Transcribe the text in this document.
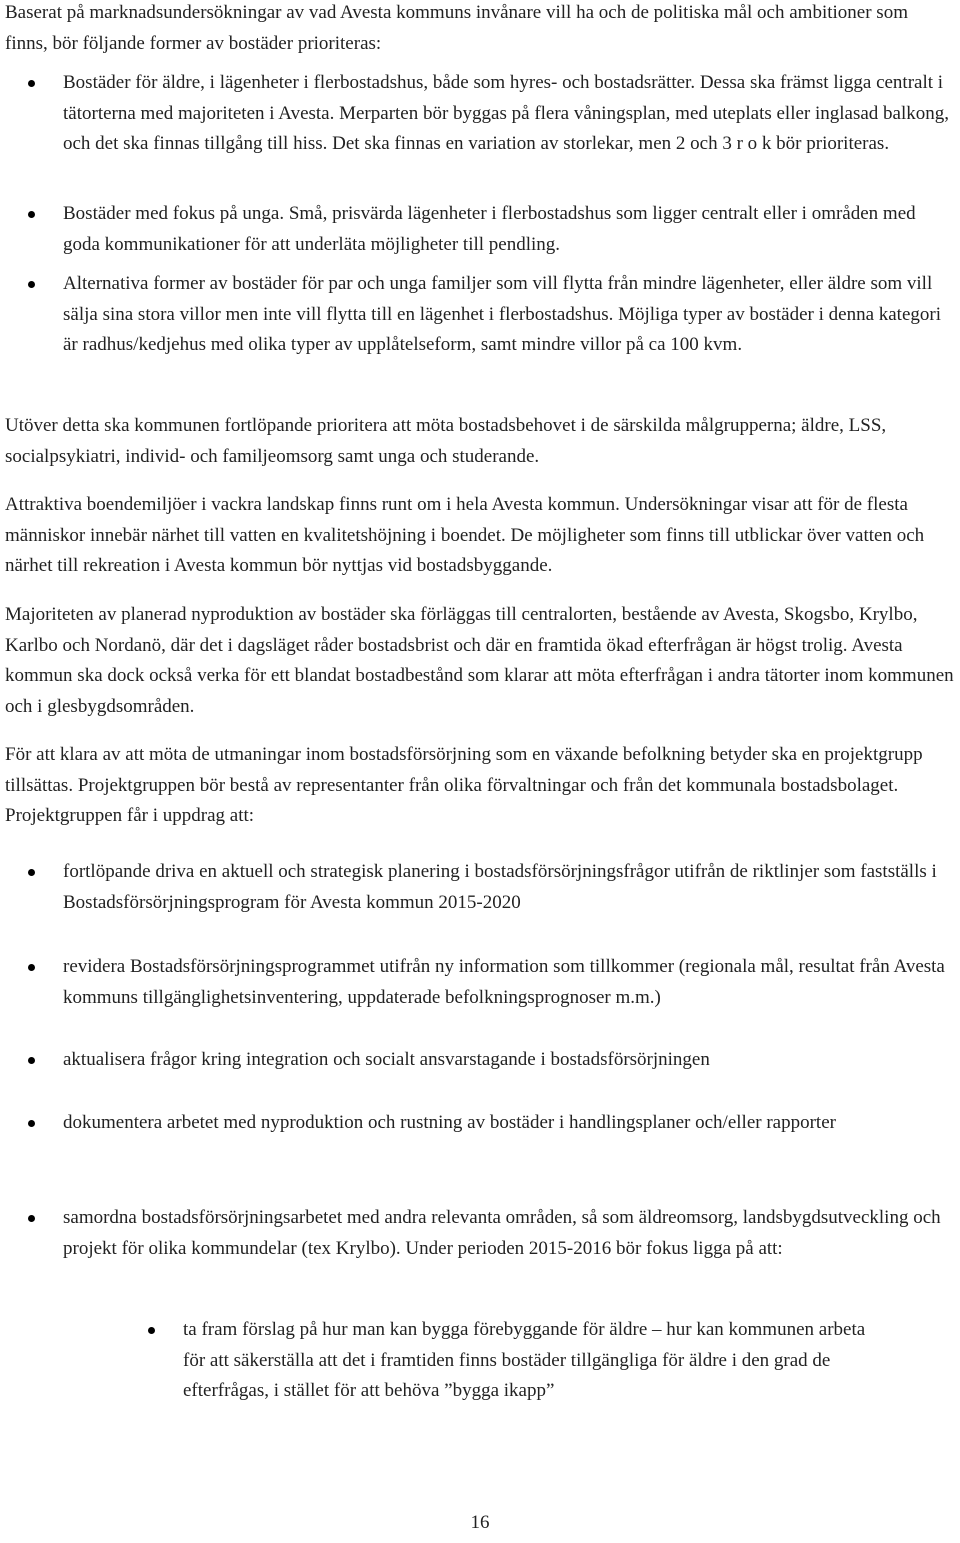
Baserat på marknadsundersökningar av vad Avesta kommuns invånare vill ha och de politiska mål och ambitioner som finns, bör följande former av bostäder prioriteras:

Bostäder för äldre, i lägenheter i flerbostadshus, både som hyres- och bostadsrätter. Dessa ska främst ligga centralt i tätorterna med majoriteten i Avesta. Merparten bör byggas på flera våningsplan, med uteplats eller inglasad balkong, och det ska finnas tillgång till hiss. Det ska finnas en variation av storlekar, men 2 och 3 r o k bör prioriteras.
Bostäder med fokus på unga. Små, prisvärda lägenheter i flerbostadshus som ligger centralt eller i områden med goda kommunikationer för att underläta möjligheter till pendling.
Alternativa former av bostäder för par och unga familjer som vill flytta från mindre lägenheter, eller äldre som vill sälja sina stora villor men inte vill flytta till en lägenhet i flerbostadshus. Möjliga typer av bostäder i denna kategori är radhus/kedjehus med olika typer av upplåtelseform, samt mindre villor på ca 100 kvm.

Utöver detta ska kommunen fortlöpande prioritera att möta bostadsbehovet i de särskilda målgrupperna; äldre, LSS, socialpsykiatri, individ- och familjeomsorg samt unga och studerande.

Attraktiva boendemiljöer i vackra landskap finns runt om i hela Avesta kommun. Undersökningar visar att för de flesta människor innebär närhet till vatten en kvalitetshöjning i boendet. De möjligheter som finns till utblickar över vatten och närhet till rekreation i Avesta kommun bör nyttjas vid bostadsbyggande.

Majoriteten av planerad nyproduktion av bostäder ska förläggas till centralorten, bestående av Avesta, Skogsbo, Krylbo, Karlbo och Nordanö, där det i dagsläget råder bostadsbrist och där en framtida ökad efterfrågan är högst trolig. Avesta kommun ska dock också verka för ett blandat bostadbestånd som klarar att möta efterfrågan i andra tätorter inom kommunen och i glesbygdsområden.

För att klara av att möta de utmaningar inom bostadsförsörjning som en växande befolkning betyder ska en projektgrupp tillsättas. Projektgruppen bör bestå av representanter från olika förvaltningar och från det kommunala bostadsbolaget. Projektgruppen får i uppdrag att:

fortlöpande driva en aktuell och strategisk planering i bostadsförsörjningsfrågor utifrån de riktlinjer som fastställs i Bostadsförsörjningsprogram för Avesta kommun 2015-2020
revidera Bostadsförsörjningsprogrammet utifrån ny information som tillkommer (regionala mål, resultat från Avesta kommuns tillgänglighetsinventering, uppdaterade befolkningsprognoser m.m.)
aktualisera frågor kring integration och socialt ansvarstagande i bostadsförsörjningen
dokumentera arbetet med nyproduktion och rustning av bostäder i handlingsplaner och/eller rapporter
samordna bostadsförsörjningsarbetet med andra relevanta områden, så som äldreomsorg, landsbygdsutveckling och projekt för olika kommundelar (tex Krylbo). Under perioden 2015-2016 bör fokus ligga på att:

ta fram förslag på hur man kan bygga förebyggande för äldre – hur kan kommunen arbeta för att säkerställa att det i framtiden finns bostäder tillgängliga för äldre i den grad de efterfrågas, i stället för att behöva ”bygga ikapp”

16
